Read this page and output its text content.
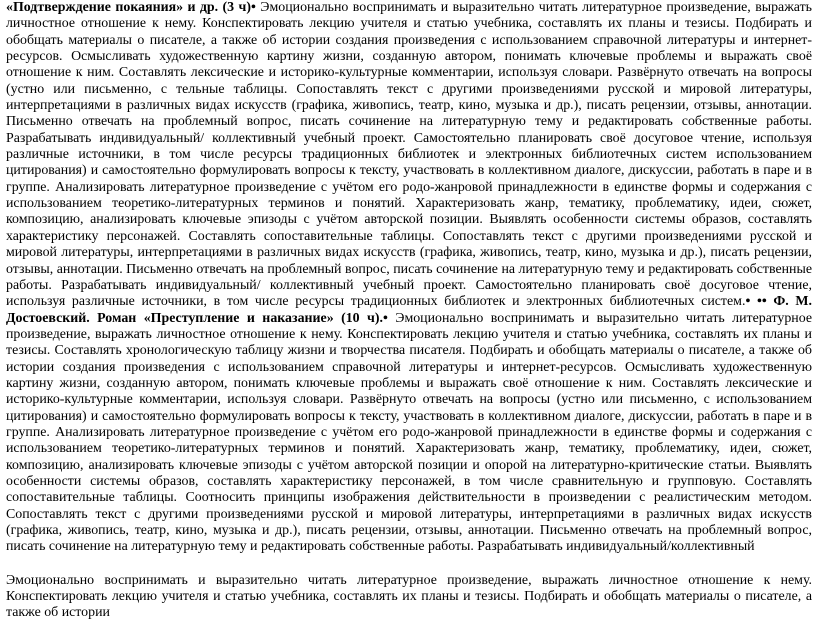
«Подтверждение покаяния» и др. (3 ч)• Эмоционально воспринимать и выразительно читать литературное произведение, выражать личностное отношение к нему. Конспектировать лекцию учителя и статью учебника, составлять их планы и тезисы. Подбирать и обобщать материалы о писателе, а также об истории создания произведения с использованием справочной литературы и интернет-ресурсов. Осмысливать художественную картину жизни, созданную автором, понимать ключевые проблемы и выражать своё отношение к ним. Составлять лексические и историко-культурные комментарии, используя словари. Развёрнуто отвечать на вопросы (устно или письменно, с тельные таблицы. Сопоставлять текст с другими произведениями русской и мировой литературы, интерпретациями в различных видах искусств (графика, живопись, театр, кино, музыка и др.), писать рецензии, отзывы, аннотации. Письменно отвечать на проблемный вопрос, писать сочинение на литературную тему и редактировать собственные работы. Разрабатывать индивидуальный/ коллективный учебный проект. Самостоятельно планировать своё досуговое чтение, используя различные источники, в том числе ресурсы традиционных библиотек и электронных библиотечных систем использованием цитирования) и самостоятельно формулировать вопросы к тексту, участвовать в коллективном диалоге, дискуссии, работать в паре и в группе. Анализировать литературное произведение с учётом его родо-жанровой принадлежности в единстве формы и содержания с использованием теоретико-литературных терминов и понятий. Характеризовать жанр, тематику, проблематику, идеи, сюжет, композицию, анализировать ключевые эпизоды с учётом авторской позиции. Выявлять особенности системы образов, составлять характеристику персонажей. Составлять сопоставительные таблицы. Сопоставлять текст с другими произведениями русской и мировой литературы, интерпретациями в различных видах искусств (графика, живопись, театр, кино, музыка и др.), писать рецензии, отзывы, аннотации. Письменно отвечать на проблемный вопрос, писать сочинение на литературную тему и редактировать собственные работы. Разрабатывать индивидуальный/ коллективный учебный проект. Самостоятельно планировать своё досуговое чтение, используя различные источники, в том числе ресурсы традиционных библиотек и электронных библиотечных систем.• •• Ф. М. Достоевский. Роман «Преступление и наказание» (10 ч).• Эмоционально воспринимать и выразительно читать литературное произведение, выражать личностное отношение к нему. Конспектировать лекцию учителя и статью учебника, составлять их планы и тезисы. Составлять хронологическую таблицу жизни и творчества писателя. Подбирать и обобщать материалы о писателе, а также об истории создания произведения с использованием справочной литературы и интернет-ресурсов. Осмысливать художественную картину жизни, созданную автором, понимать ключевые проблемы и выражать своё отношение к ним. Составлять лексические и историко-культурные комментарии, используя словари. Развёрнуто отвечать на вопросы (устно или письменно, с использованием цитирования) и самостоятельно формулировать вопросы к тексту, участвовать в коллективном диалоге, дискуссии, работать в паре и в группе. Анализировать литературное произведение с учётом его родо-жанровой принадлежности в единстве формы и содержания с использованием теоретико-литературных терминов и понятий. Характеризовать жанр, тематику, проблематику, идеи, сюжет, композицию, анализировать ключевые эпизоды с учётом авторской позиции и опорой на литературно-критические статьи. Выявлять особенности системы образов, составлять характеристику персонажей, в том числе сравнительную и групповую. Составлять сопоставительные таблицы. Соотносить принципы изображения действительности в произведении с реалистическим методом. Сопоставлять текст с другими произведениями русской и мировой литературы, интерпретациями в различных видах искусств (графика, живопись, театр, кино, музыка и др.), писать рецензии, отзывы, аннотации. Письменно отвечать на проблемный вопрос, писать сочинение на литературную тему и редактировать собственные работы. Разрабатывать индивидуальный/коллективный

Эмоционально воспринимать и выразительно читать литературное произведение, выражать личностное отношение к нему. Конспектировать лекцию учителя и статью учебника, составлять их планы и тезисы. Подбирать и обобщать материалы о писателе, а также об истории
